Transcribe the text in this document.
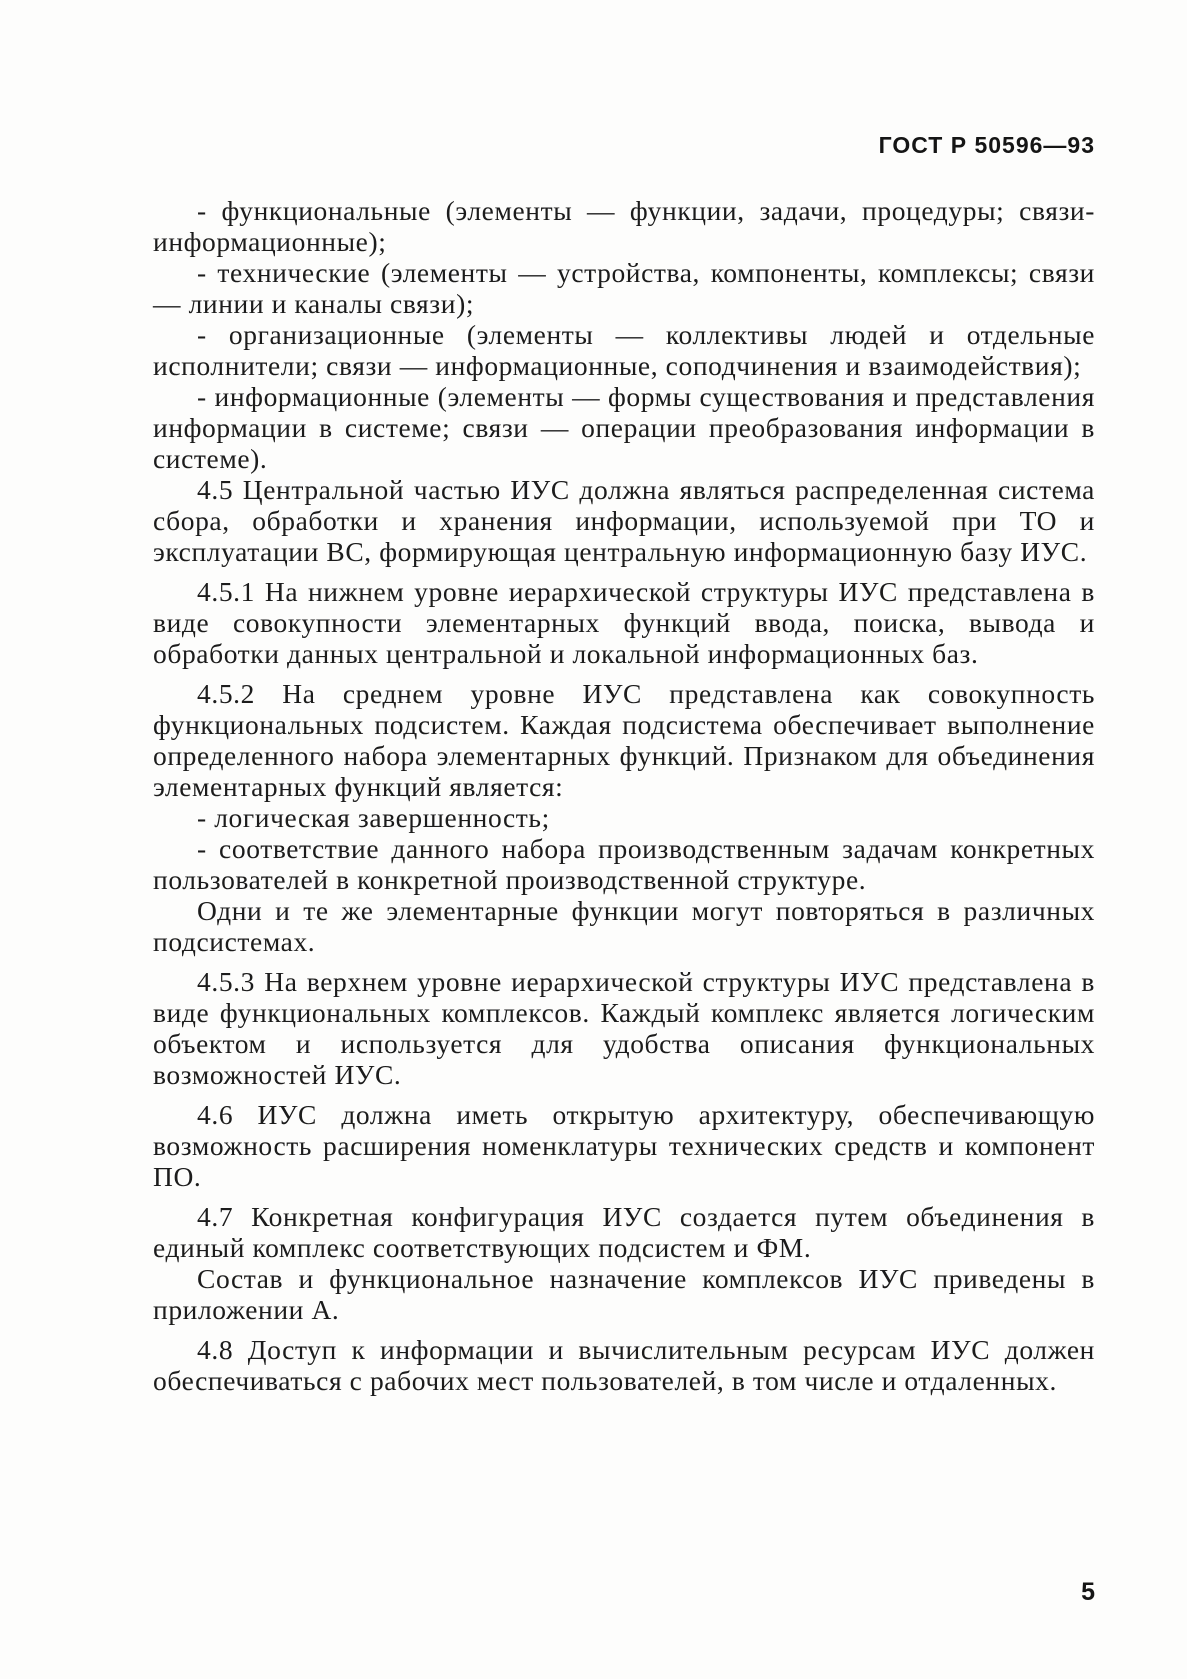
ГОСТ Р 50596—93

- функциональные (элементы — функции, задачи, процедуры; связи-информационные);

- технические (элементы — устройства, компоненты, комплексы; связи — линии и каналы связи);

- организационные (элементы — коллективы людей и отдельные исполнители; связи — информационные, соподчинения и взаимодействия);

- информационные (элементы — формы существования и представления информации в системе; связи — операции преобразования информации в системе).

4.5 Центральной частью ИУС должна являться распределенная система сбора, обработки и хранения информации, используемой при ТО и эксплуатации ВС, формирующая центральную информационную базу ИУС.

4.5.1 На нижнем уровне иерархической структуры ИУС представлена в виде совокупности элементарных функций ввода, поиска, вывода и обработки данных центральной и локальной информационных баз.

4.5.2 На среднем уровне ИУС представлена как совокупность функциональных подсистем. Каждая подсистема обеспечивает выполнение определенного набора элементарных функций. Признаком для объединения элементарных функций является:

- логическая завершенность;

- соответствие данного набора производственным задачам конкретных пользователей в конкретной производственной структуре.

Одни и те же элементарные функции могут повторяться в различных подсистемах.

4.5.3 На верхнем уровне иерархической структуры ИУС представлена в виде функциональных комплексов. Каждый комплекс является логическим объектом и используется для удобства описания функциональных возможностей ИУС.

4.6 ИУС должна иметь открытую архитектуру, обеспечивающую возможность расширения номенклатуры технических средств и компонент ПО.

4.7 Конкретная конфигурация ИУС создается путем объединения в единый комплекс соответствующих подсистем и ФМ.

Состав и функциональное назначение комплексов ИУС приведены в приложении А.

4.8 Доступ к информации и вычислительным ресурсам ИУС должен обеспечиваться с рабочих мест пользователей, в том числе и отдаленных.

5
